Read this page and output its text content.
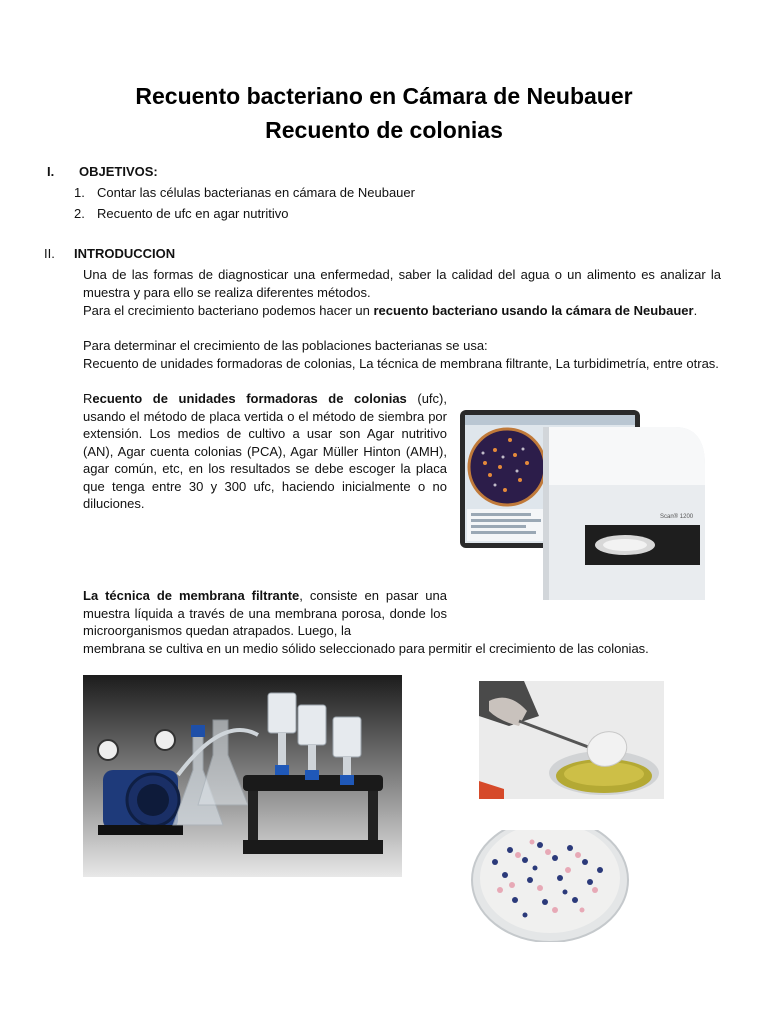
Recuento bacteriano en Cámara de Neubauer
Recuento de colonias
I. OBJETIVOS:
1. Contar las células bacterianas en cámara de Neubauer
2. Recuento de ufc en agar nutritivo
II. INTRODUCCION
Una de las formas de diagnosticar una enfermedad, saber la calidad del agua o un alimento es analizar la muestra y para ello se realiza diferentes métodos.
Para el crecimiento bacteriano podemos hacer un recuento bacteriano usando la cámara de Neubauer.
Para determinar el crecimiento de las poblaciones bacterianas se usa:
Recuento de unidades formadoras de colonias, La técnica de membrana filtrante, La turbidimetría, entre otras.
Recuento de unidades formadoras de colonias (ufc), usando el método de placa vertida o el método de siembra por extensión. Los medios de cultivo a usar son Agar nutritivo (AN), Agar cuenta colonias (PCA), Agar Müller Hinton (AMH), agar común, etc, en los resultados se debe escoger la placa que tenga entre 30 y 300 ufc, haciendo inicialmente o no diluciones.
La técnica de membrana filtrante, consiste en pasar una muestra líquida a través de una membrana porosa, donde los microorganismos quedan atrapados. Luego, la
membrana se cultiva en un medio sólido seleccionado para permitir el crecimiento de las colonias.
Scan® 1200
